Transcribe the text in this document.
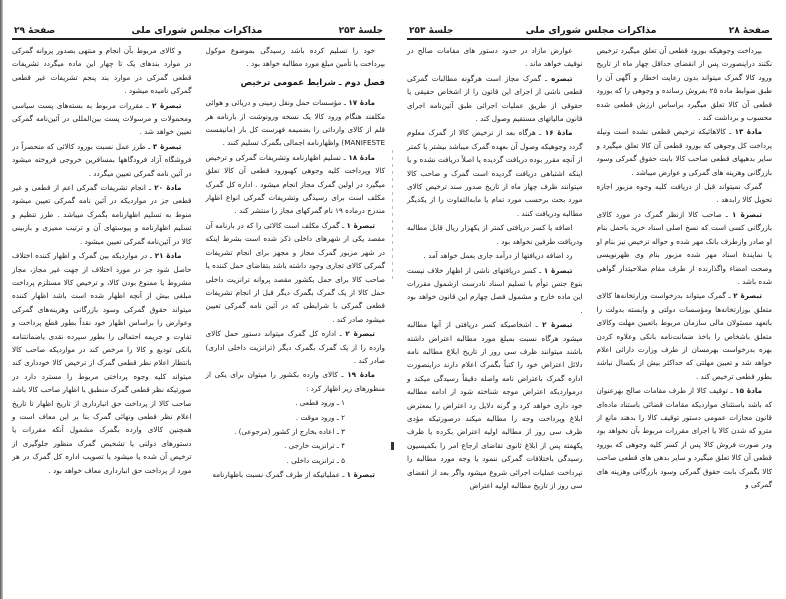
جلسهٔ ۲۵۳
مذاکرات مجلس شورای ملی
صفحهٔ ۲۹

خود را تسلیم کرده باشد رسیدگی بموضوع موکول بپرداخت یا تأمین مبلغ مورد مطالبه خواهد بود .

فصل دوم ـ شرایط عمومی ترخیص

مادهٔ ۱۷ ـ مؤسسات حمل ونقل زمینی و دریائی و هوائی مکلفند هنگام ورود کالا یک نسخه ورونوشت از بارنامه هر قلم از کالای وارداتی را بضمیمه فهرست کل بار (مانیفست MANIFESTE) واظهارنامه اجمالی بگمرک تسلیم کنند .

مادهٔ ۱۸ ـ تسلیم اظهارنامه وتشریفات گمرکی و ترخیص کالا وپرداخت کلیه وجوهی کهبورود قطعی آن کالا تعلق میگیرد در اولین گمرک مجاز انجام میشود . اداره کل گمرک مکلف است برای رسیدگی وتشریفات گمرکی انواع اظهار مندرج درماده ۱۹ نام گمرکهای مجاز را منتشر کند .

تبصرهٔ ۱ ـ گمرک مکلف است کالائی را که در بارنامه آن مقصد یکی از شهرهای داخلی ذکر شده است بشرط اینکه در شهر مزبور گمرک مجاز و مجهز برای انجام تشریفات گمرکی کالای تجاری وجود داشته باشد بتقاضای حمل کننده یا صاحب کالا برای حمل بکشور مقصد پروانه ترانزیت داخلی حمل کالا از یک گمرک بگمرک دیگر قبل از انجام تشریفات قطعی گمرکی با شرایطی که در آئین نامه گمرکی تعیین میشود صادر کند .

تبصرهٔ ۲ ـ اداره کل گمرک میتواند دستور حمل کالای وارده را از یک گمرک بگمرک دیگر (ترانزیت داخلی اداری) صادر کند .

مادهٔ ۱۹ ـ کالای وارده بکشور را میتوان برای یکی از منظورهای زیر اظهار کرد :

۱ ـ ورود قطعی .

۲ ـ ورود موقت .

۳ ـ اعاده بخارج از کشور (مرجوعی) .

۴ ـ ترانزیت خارجی .

۵ ـ ترانزیت داخلی .

تبصرهٔ ۱ ـ عملیاتیکه از طرف گمرک نسبت باظهارنامه

و کالای مربوط بآن انجام و منتهی بصدور پروانه گمرکی در موارد بندهای یک تا چهار این ماده میگردد تشریفات قطعی گمرکی در موارد بند پنجم تشریفات غیر قطعی گمرکی نامیده میشود .

تبصرهٔ ۲ ـ مقررات مربوط به بسته‌های پست سیاسی ومحمولات و مرسولات پست بین‌المللی در آئین‌نامه گمرکی تعیین خواهد شد .

تبصرهٔ ۳ ـ طرز عمل نسبت بورود کالائی که منحصراً در فروشگاه آزاد فرودگاهها بمسافرین خروجی فروخته میشود در آئین نامه گمرکی تعیین میگردد .

مادهٔ ۲۰ ـ انجام تشریفات گمرکی اعم از قطعی و غیر قطعی جز در مواردیکه در آئین نامه گمرکی تعیین میشود منوط به تسلیم اظهارنامه بگمرک میباشد . طرز تنظیم و تسلیم اظهارنامه و پیوستهای آن و ترتیب ممیزی و بازبینی کالا در آئین‌نامه گمرکی تعیین میشود .

مادهٔ ۲۱ ـ در مواردیکه بین گمرک و اظهار کننده اختلاف حاصل شود جز در مورد اختلاف از جهت غیر مجاز، مجاز مشروط یا ممنوع بودن کالا، و ترخیص کالا مستلزم پرداخت مبلغی بیش از آنچه اظهار شده است باشد اظهار کننده میتواند حقوق گمرکی وسود بازرگانی وهزینه‌های گمرکی وعوارض را براساس اظهار خود نقداً بطور قطع پرداخت و تفاوت و جریمه احتمالی را بطور سپرده نقدی یاضمانتنامه بانکی تودیع و کالا را مرخص کند در مواردیکه صاحب کالا بانتظار اعلام نظر قطعی گمرک از ترخیص کالا خودداری کند میتواند کلیه وجوه پرداختی مربوط را مسترد دارد در صورتیکه نظر قطعی گمرک منطبق با اظهار صاحب کالا باشد صاحب کالا از پرداخت حق انبارداری از تاریخ اظهار تا تاریخ اعلام نظر قطعی ونهائی گمرک بنا بر این معاف است و همچنین کالای وارده بگمرک مشمول آنکه مقررات یا دستورهای دولتی یا تشخیص گمرک منظور جلوگیری از ترخیص آن شده یا میشود یا تصویب اداره کل گمرک در هر مورد از پرداخت حق انبارداری معاف خواهد بود .

صفحهٔ ۲۸
مذاکرات مجلس شورای ملی
جلسهٔ ۲۵۳

بپرداخت وجوهیکه بورود قطعی آن تعلق میگیرد ترخیص نکنند دراینصورت پس از انقضای حداقل چهار ماه از تاریخ ورود کالا گمرک میتواند بدون رعایت اخطار و آگهی آن را طبق ضوابط ماده ۲۵ بفروش رسانده و وجوهی را که بورود قطعی آن کالا تعلق میگیرد براساس ارزش قطعی شده محسوب و برداشت کند .

مادهٔ ۱۳ ـ کالاهائیکه ترخیص قطعی نشده است ونیله پرداخت کل وجوهی که بورود قطعی آن کالا تعلق میگیرد و سایر بدهیهای قطعی صاحب کالا بابت حقوق گمرکی وسود بازرگانی وهزینه های گمرکی و عوارض میباشد .

گمرک نمیتواند قبل از دریافت کلیه وجوه مزبور اجازه تحویل کالا رابدهد .

تبصرهٔ ۱ ـ صاحب کالا ازنظر گمرک در مورد کالای بازرگانی کسی است که نسخ اصلی اسناد خرید باحمل بنام او صادر وازطرف بانک مهر شده و حواله ترخیص نیز بنام او یا نمایندهٔ اسناد مهر شده مزبور بنام وی ظهرنویسی وصحت امضاء واگذارنده از طرف مقام صلاحیتدار گواهی شده باشد .

تبصرهٔ ۲ ـ گمرک میتواند بدرخواست وزارتخانه‌ها کالای متعلق بوزارتخانه‌ها ومؤسسات دولتی و وابسته بدولت را باتعهد مسئولان مالی سازمان مربوط باتعیین مهلت وکالای متعلق باشخاص را باخذ ضمانت‌نامه بانکی وعلاوه کردن بهره بدرخواست بهرمسان از طرف وزارت دارائی اعلام خواهد شد و تعیین مهلتی که حداکثر بیش از یکسال نباشد بطور قطعی ترخیص کند .

مادهٔ ۱۵ ـ توقیف کالا از طرف مقامات صالح بهرعنوان که باشد باستثنای مواردیکه مقامات قضائی باستناد ماده‌ای قانون مجازات عمومی دستور توقیف کالا را بدهند مانع از مترو که شدن کالا یا اجرای مقررات مربوط بآن نخواهد بود ودر صورت فروش کالا پس از کسر کلیه وجوهی که بورود قطعی آن کالا تعلق میگیرد و سایر بدهی های قطعی صاحب کالا بگمرک بابت حقوق گمرکی وسود بازرگانی وهزینه های گمرکی و

عوارض مازاد در حدود دستور های مقامات صالح در توقیف خواهد ماند .

تبصره ـ گمرک مجاز است هرگونه مطالبات گمرکی قطعی ناشی از اجرای این قانون را از اشخاص حقیقی یا حقوقی از طریق عملیات اجرائی طبق آئین‌نامه اجرای قانون مالیاتهای مستقیم وصول کند .

مادهٔ ۱۶ ـ هرگاه بعد از ترخیص کالا از گمرک معلوم گردد وجوهیکه وصول آن بعهده گمرک میباشد بیشتر یا کمتر از آنچه مقرر بوده دریافت گردیده یا اصلاً دریافت نشده و یا اینکه اشتباهی دریافت گردیده است گمرک و صاحب کالا میتوانند ظرف چهار ماه از تاریخ صدور سند ترخیص کالای مورد بحث برحسب مورد تمام یا مابه‌التفاوت را از یکدیگر مطالبه ودریافت کنند .

اضافه یا کسر دریافتی کمتر از یکهزار ریال قابل مطالبه ودریافت طرفین نخواهد بود .

رد اضافه دریافتها از درآمد جاری بعمل خواهد آمد .

تبصرهٔ ۱ ـ کسر دریافتهای ناشی از اظهار خلاف نیست بنوع جنس توأم با تسلیم اسناد نادرست ازشمول مقررات این ماده خارج و مشمول فصل چهارم این قانون خواهد بود .

تبصرهٔ ۲ ـ اشخاصیکه کسر دریافتی از آنها مطالبه میشود هرگاه نسبت بمبلغ مورد مطالبه اعتراض داشته باشند میتوانند ظرف سی روز از تاریخ ابلاغ مطالبه نامه دلائل اعتراض خود را کتباً بگمرک اعلام دارند دراینصورت اداره گمرک باعتراض نامه واصله دقیقاً رسیدگی میکند و درمواردیکه اعتراض موجه شناخته شود از ادامه مطالبه خود داری خواهد کرد و گرنه دلایل رد اعتراض را بمعترض ابلاغ وپرداخت وجه را مطالبه میکند درصورتیکه مؤدی ظرف سی روز از مطالبه اولیه اعتراض بکرده یا ظرف یکهفته پس از ابلاغ ثانوی تقاضای ارجاع امر را بکمیسیون رسیدگی باختلافات گمرکی ننمود یا وجه مورد مطالبه را نپرداخت عملیات اجرائی شروع میشود واگر بعد از انقضای سی روز از تاریخ مطالبه اولیه اعتراض
